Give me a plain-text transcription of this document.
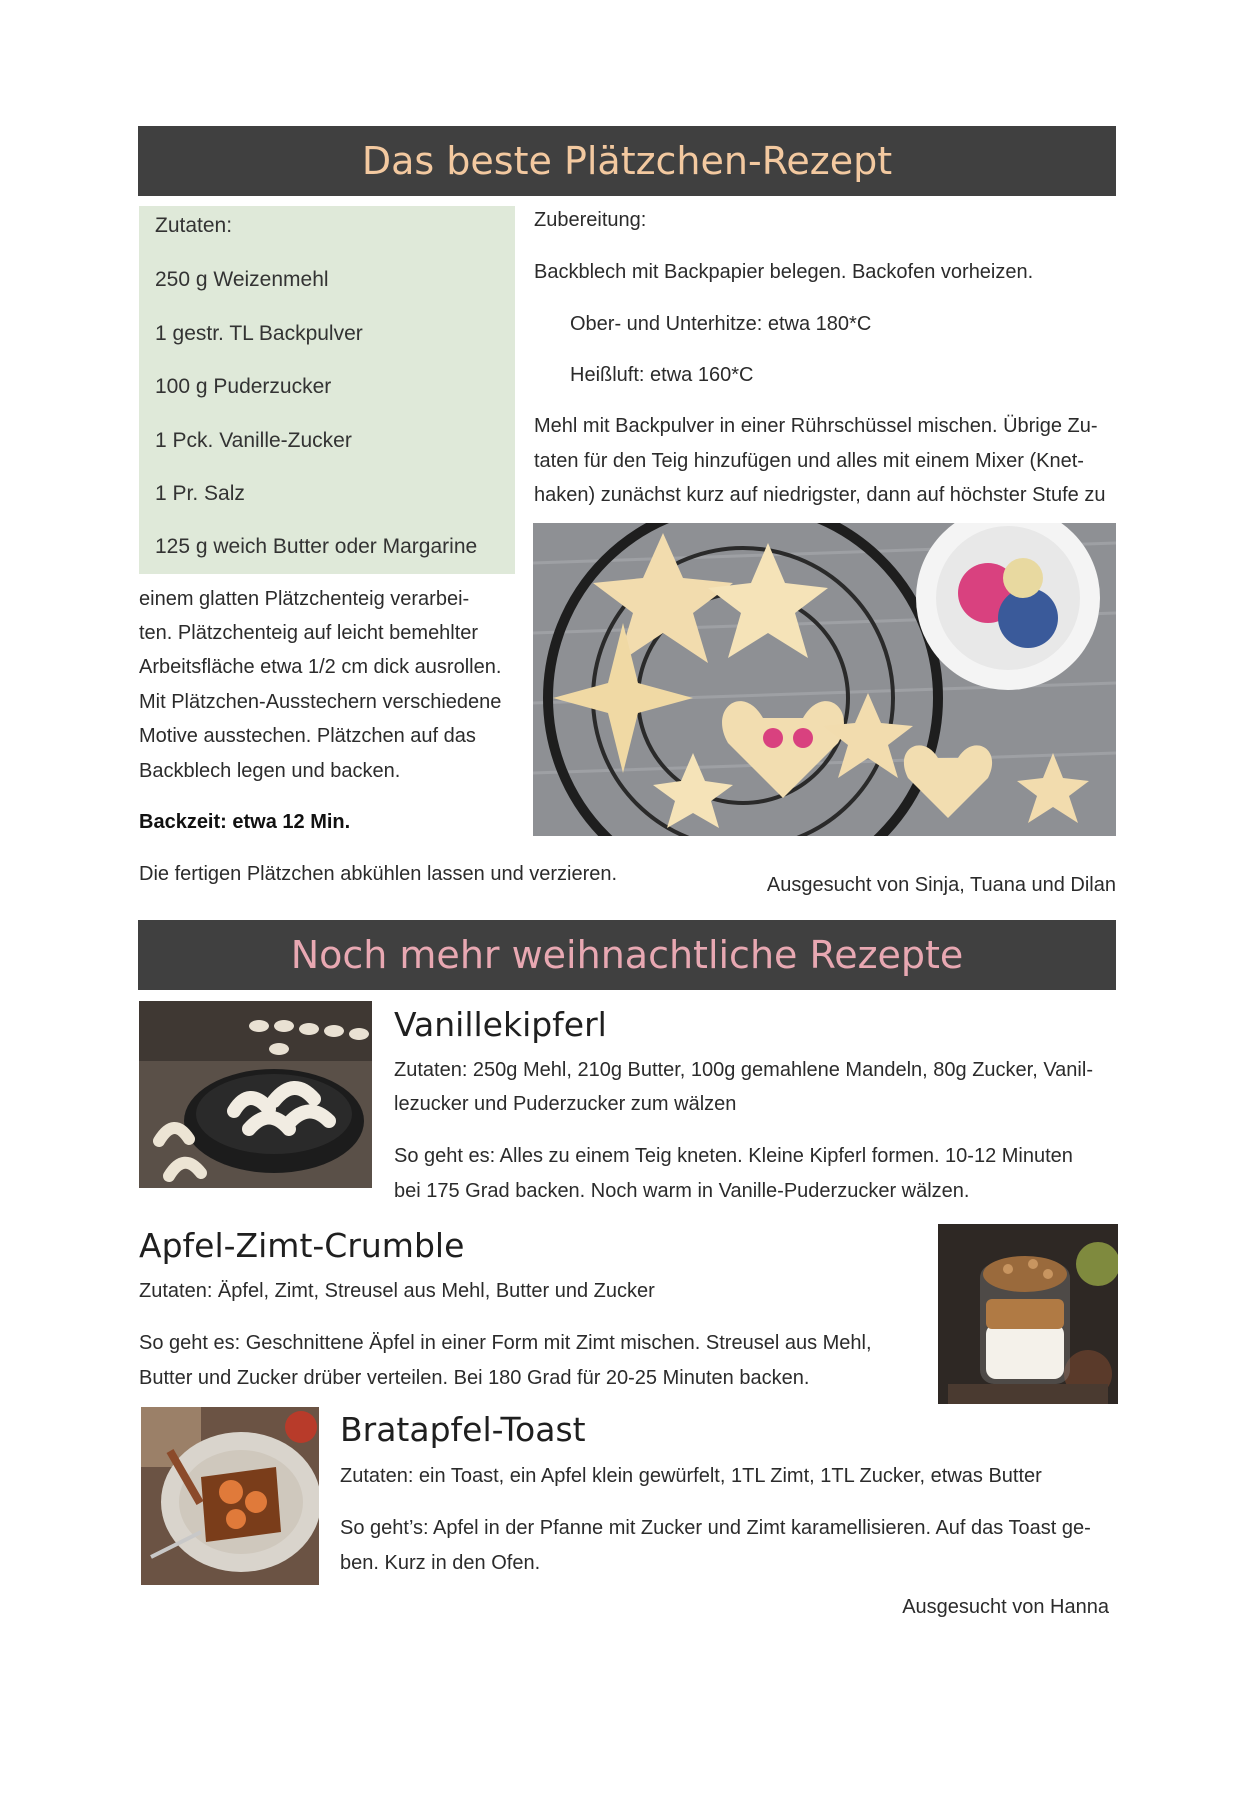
Das beste Plätzchen-Rezept
Zutaten:
250 g Weizenmehl
1 gestr. TL Backpulver
100 g Puderzucker
1 Pck. Vanille-Zucker
1 Pr. Salz
125 g weich Butter oder Margarine
Zubereitung:
Backblech mit Backpapier belegen. Backofen vorheizen.
Ober- und Unterhitze: etwa 180*C
Heißluft: etwa 160*C
Mehl mit Backpulver in einer Rührschüssel mischen. Übrige Zu-
taten für den Teig hinzufügen und alles mit einem Mixer (Knet-
haken) zunächst kurz auf niedrigster, dann auf höchster Stufe zu
einem glatten Plätzchenteig verarbei-
ten. Plätzchenteig auf leicht bemehlter
Arbeitsfläche etwa 1/2 cm dick ausrollen.
Mit Plätzchen-Ausstechern verschiedene
Motive ausstechen. Plätzchen auf das
Backblech legen und backen.
Backzeit: etwa 12 Min.
Die fertigen Plätzchen abkühlen lassen und verzieren.	Ausgesucht von Sinja, Tuana und Dilan
Noch mehr weihnachtliche Rezepte
Vanillekipferl
Zutaten: 250g Mehl, 210g Butter, 100g gemahlene Mandeln, 80g Zucker, Vanil-
lezucker und Puderzucker zum wälzen
So geht es: Alles zu einem Teig kneten. Kleine Kipferl formen. 10-12 Minuten
bei 175 Grad backen. Noch warm in Vanille-Puderzucker wälzen.
Apfel-Zimt-Crumble
Zutaten: Äpfel, Zimt, Streusel aus Mehl, Butter und Zucker
So geht es: Geschnittene Äpfel in einer Form mit Zimt mischen. Streusel aus Mehl,
Butter und Zucker drüber verteilen. Bei 180 Grad für 20-25 Minuten backen.
Bratapfel-Toast
Zutaten: ein Toast, ein Apfel klein gewürfelt, 1TL Zimt, 1TL Zucker, etwas Butter
So geht’s: Apfel in der Pfanne mit Zucker und Zimt karamellisieren. Auf das Toast ge-
ben. Kurz in den Ofen.
Ausgesucht von Hanna
